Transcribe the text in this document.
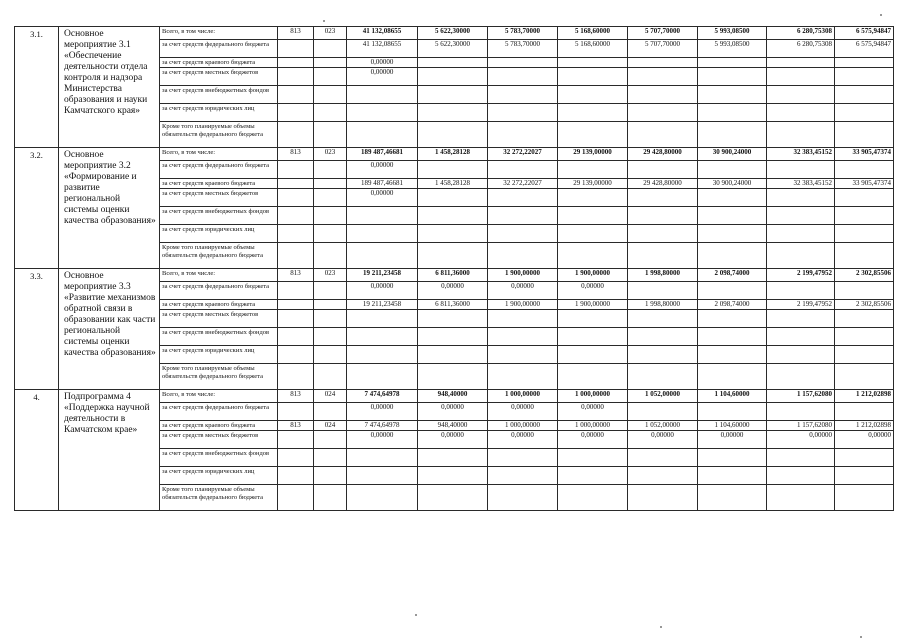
3.1.	Основное мероприятие 3.1 «Обеспечение деятельности отдела контроля и надзора Министерства образования и науки Камчатского края»	Всего, в том числе:	813	023	41 132,08655	5 622,30000	5 783,70000	5 168,60000	5 707,70000	5 993,08500	6 280,75308	6 575,94847
		за счет средств федерального бюджета			41 132,08655	5 622,30000	5 783,70000	5 168,60000	5 707,70000	5 993,08500	6 280,75308	6 575,94847
		за счет средств краевого бюджета			0,00000							
		за счет средств местных бюджетов			0,00000							
		за счет средств внебюджетных фондов										
		за счет средств юридических лиц										
		Кроме того планируемые объемы обязательств федерального бюджета										
3.2.	Основное мероприятие 3.2 «Формирование и развитие региональной системы оценки качества образования»	Всего, в том числе:	813	023	189 487,46681	1 458,28128	32 272,22027	29 139,00000	29 428,80000	30 900,24000	32 383,45152	33 905,47374
		за счет средств федерального бюджета			0,00000							
		за счет средств краевого бюджета			189 487,46681	1 458,28128	32 272,22027	29 139,00000	29 428,80000	30 900,24000	32 383,45152	33 905,47374
		за счет средств местных бюджетов			0,00000							
		за счет средств внебюджетных фондов										
		за счет средств юридических лиц										
		Кроме того планируемые объемы обязательств федерального бюджета										
3.3.	Основное мероприятие 3.3 «Развитие механизмов обратной связи в образовании как части региональной системы оценки качества образования»	Всего, в том числе:	813	023	19 211,23458	6 811,36000	1 900,00000	1 900,00000	1 998,80000	2 098,74000	2 199,47952	2 302,85506
		за счет средств федерального бюджета			0,00000	0,00000	0,00000	0,00000				
		за счет средств краевого бюджета			19 211,23458	6 811,36000	1 900,00000	1 900,00000	1 998,80000	2 098,74000	2 199,47952	2 302,85506
		за счет средств местных бюджетов										
		за счет средств внебюджетных фондов										
		за счет средств юридических лиц										
		Кроме того планируемые объемы обязательств федерального бюджета										
4.	Подпрограмма 4 «Поддержка научной деятельности в Камчатском крае»	Всего, в том числе:	813	024	7 474,64978	948,40000	1 000,00000	1 000,00000	1 052,00000	1 104,60000	1 157,62080	1 212,02898
		за счет средств федерального бюджета			0,00000	0,00000	0,00000	0,00000				
		за счет средств краевого бюджета	813	024	7 474,64978	948,40000	1 000,00000	1 000,00000	1 052,00000	1 104,60000	1 157,62080	1 212,02898
		за счет средств местных бюджетов			0,00000	0,00000	0,00000	0,00000	0,00000	0,00000	0,00000	0,00000
		за счет средств внебюджетных фондов										
		за счет средств юридических лиц										
		Кроме того планируемые объемы обязательств федерального бюджета										
